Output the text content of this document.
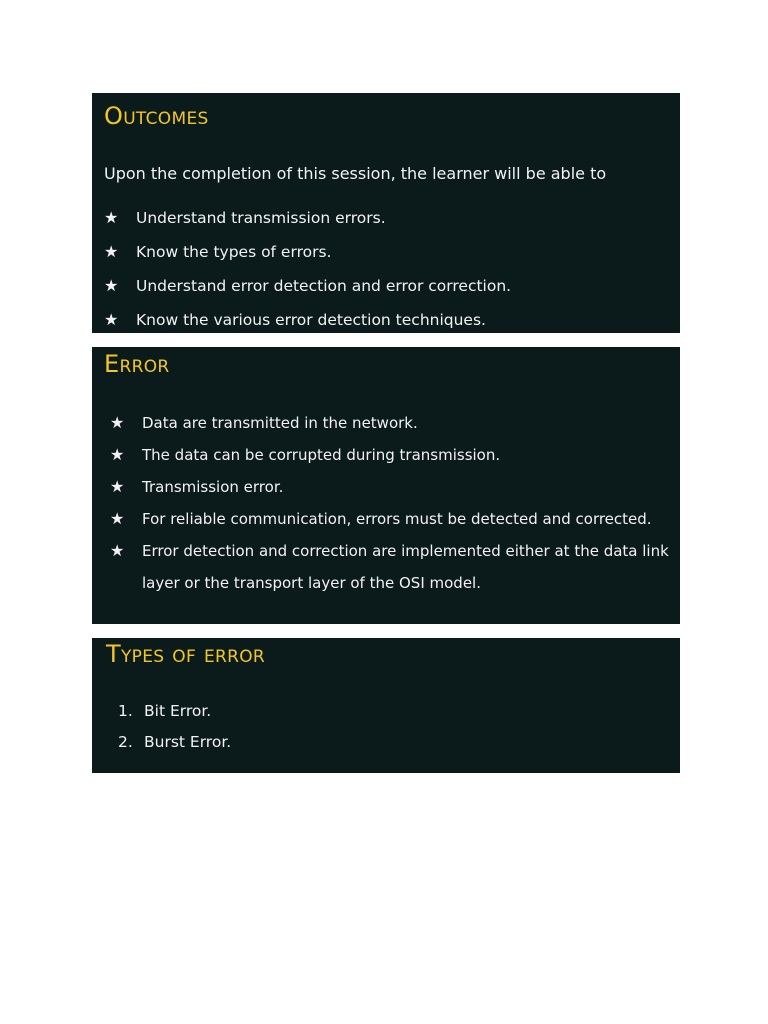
Outcomes
Upon the completion of this session, the learner will be able to
★	Understand transmission errors.
★	Know the types of errors.
★	Understand error detection and error correction.
★	Know the various error detection techniques.
Error
★	Data are transmitted in the network.
★	The data can be corrupted during transmission.
★	Transmission error.
★	For reliable communication, errors must be detected and corrected.
★	Error detection and correction are implemented either at the data link layer or the transport layer of the OSI model.
Types of error
1. Bit Error.
2. Burst Error.
